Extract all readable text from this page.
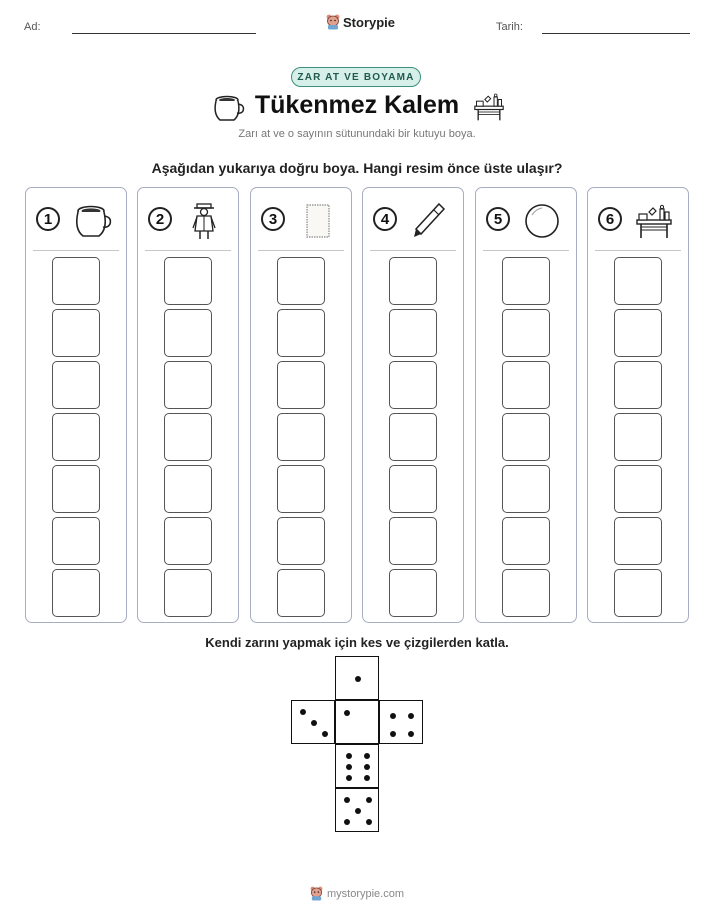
Ad:	Storypie	Tarih:
ZAR AT VE BOYAMA
Tükenmez Kalem
Zarı at ve o sayının sütunundaki bir kutuyu boya.
Aşağıdan yukarıya doğru boya. Hangi resim önce üste ulaşır?
1	2	3	4	5	6
Kendi zarını yapmak için kes ve çizgilerden katla.
mystorypie.com
